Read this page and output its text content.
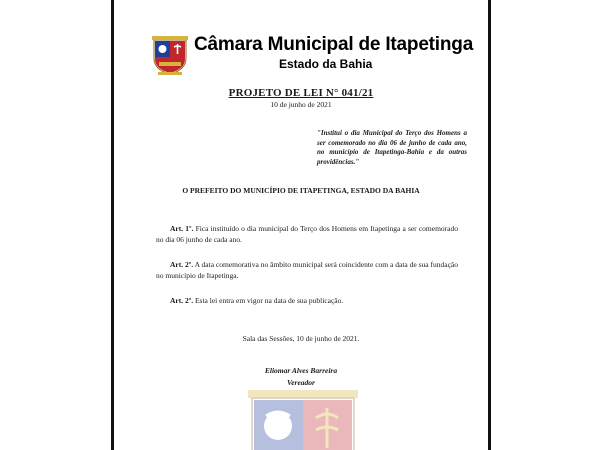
Câmara Municipal de Itapetinga
Estado da Bahia
PROJETO DE LEI N° 041/21
10 de junho de 2021
"Institui o dia Municipal do Terço dos Homens a ser comemorado no dia 06 de junho de cada ano, no município de Itapetinga-Bahia e da outras providências."
O PREFEITO DO MUNICÍPIO DE ITAPETINGA, ESTADO DA BAHIA
Art. 1º. Fica instituído o dia municipal do Terço dos Homens em Itapetinga a ser comemorado no dia 06 junho de cada ano.
Art. 2º. A data comemorativa no âmbito municipal será coincidente com a data de sua fundação no município de Itapetinga.
Art. 2º. Esta lei entra em vigor na data de sua publicação.
Sala das Sessões, 10 de junho de 2021.
Eliomar Alves Barreira
Vereador
